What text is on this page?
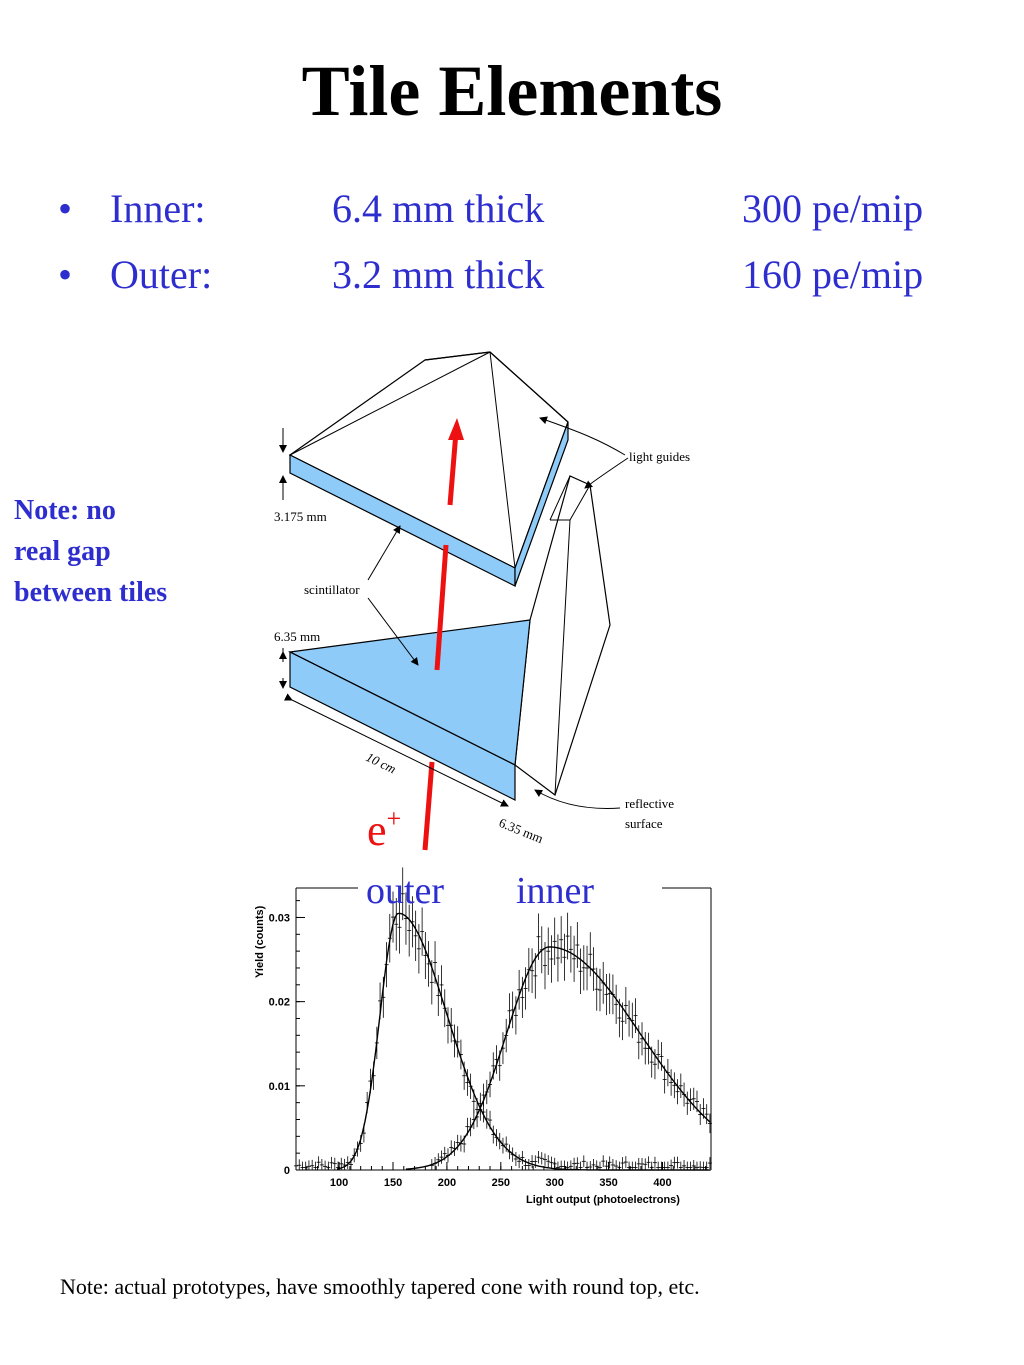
Tile Elements
• Inner:	6.4 mm thick	300 pe/mip
• Outer:	3.2 mm thick	160 pe/mip
Note: no
real gap
between tiles
e+
3.175 mm
6.35 mm
10 cm
6.35 mm
scintillator
light guides
reflective
surface
100	150	200	250	300	350	400
0
0.01
0.02
0.03
outer inner
Light output (photoelectrons)
Yield (counts)
Note: actual prototypes, have smoothly tapered cone with round top, etc.
